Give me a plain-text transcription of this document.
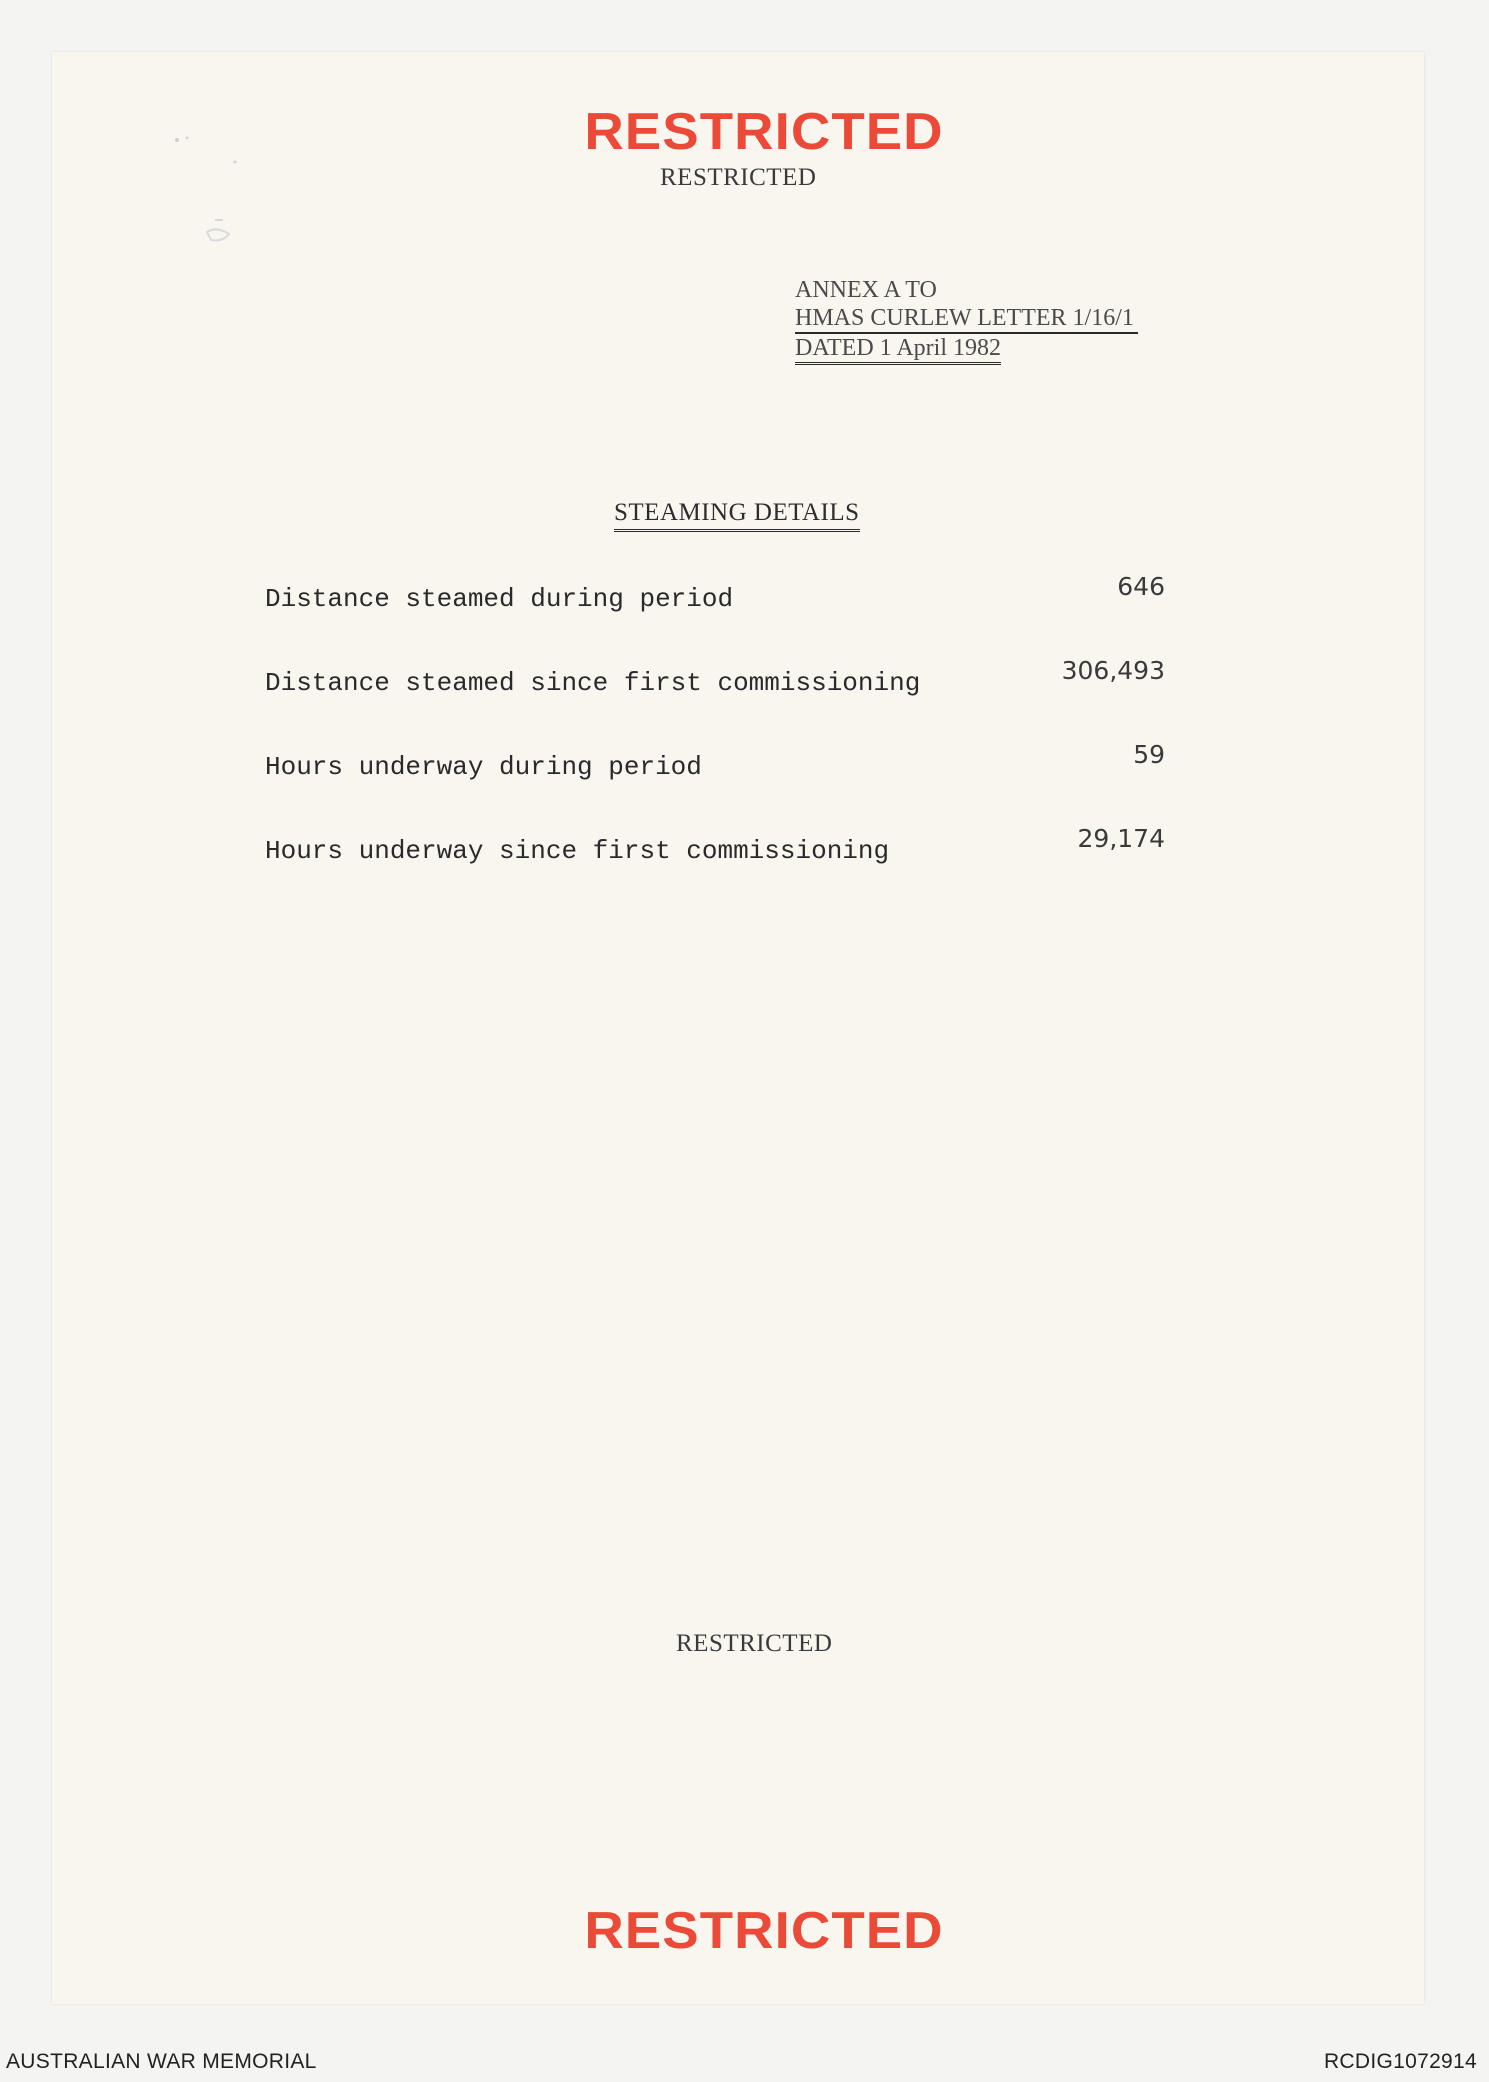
RESTRICTED
RESTRICTED
ANNEX A TO
HMAS CURLEW LETTER 1/16/1
DATED 1 April 1982
STEAMING DETAILS
Distance steamed during period	646
Distance steamed since first commissioning	306,493
Hours underway during period	59
Hours underway since first commissioning	29,174
RESTRICTED
RESTRICTED
AUSTRALIAN WAR MEMORIAL	RCDIG1072914
